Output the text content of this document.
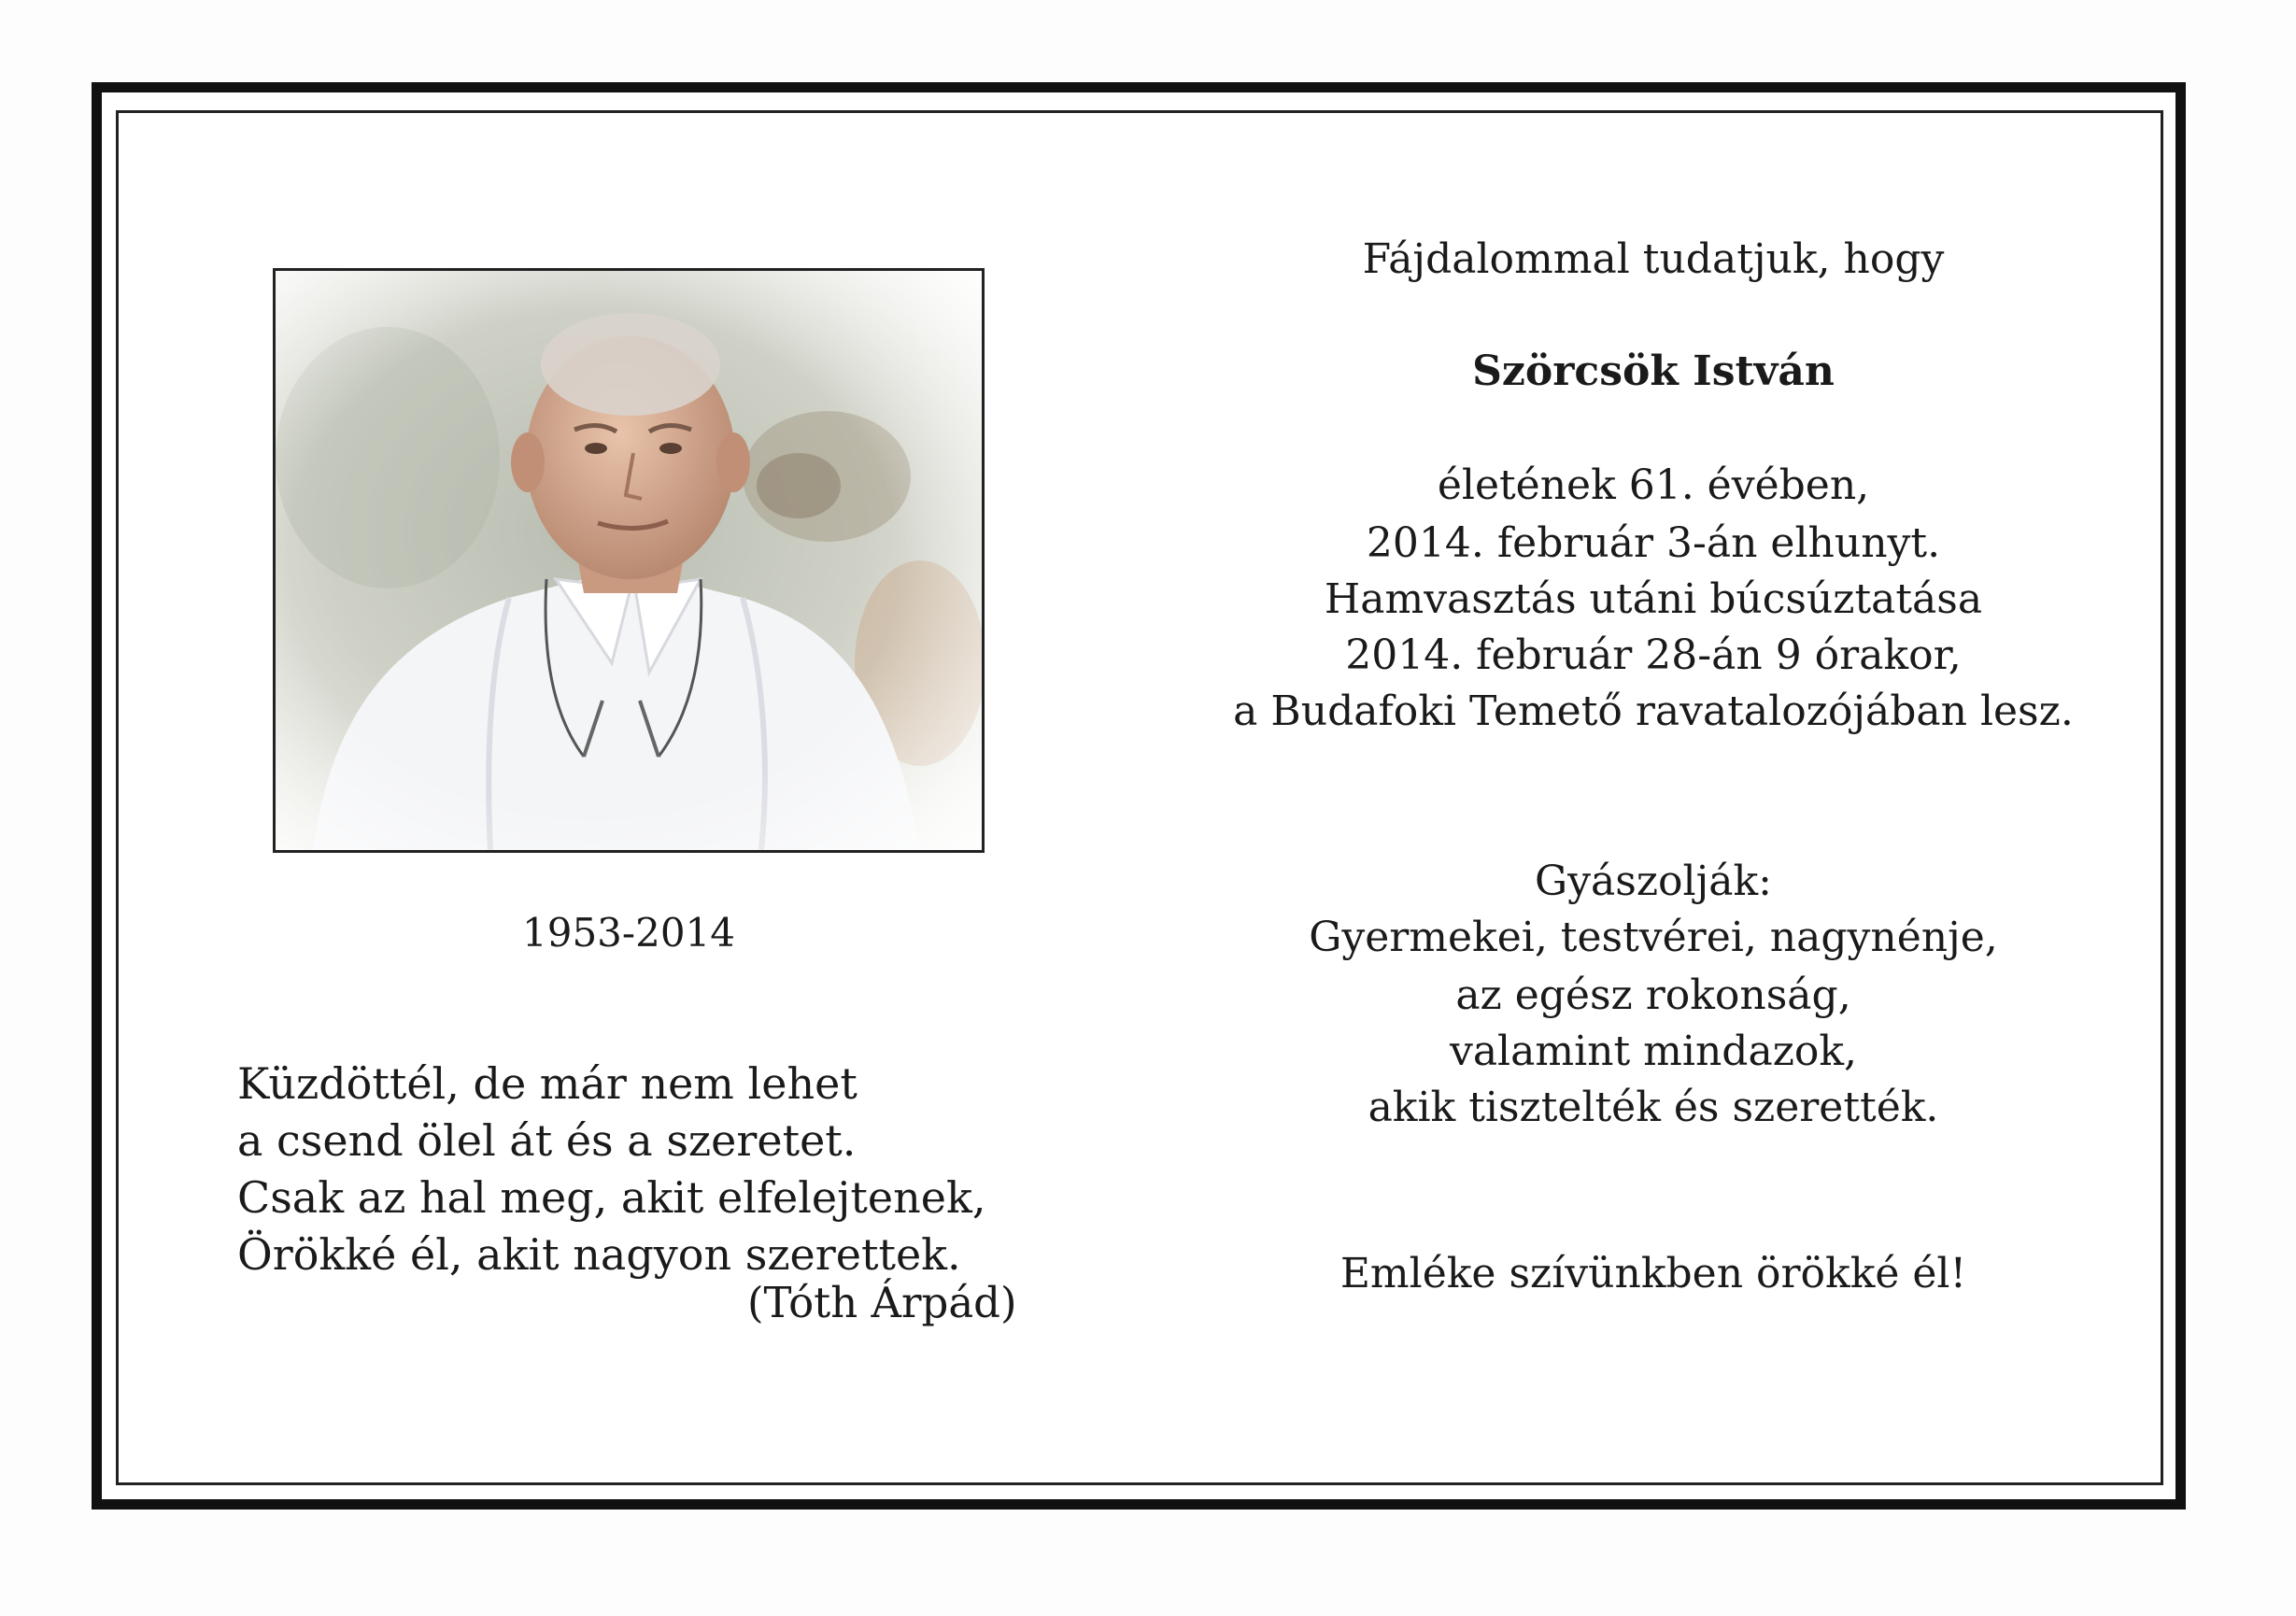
1953-2014
Küzdöttél, de már nem lehet
a csend ölel át és a szeretet.
Csak az hal meg, akit elfelejtenek,
Örökké él, akit nagyon szerettek.
(Tóth Árpád)
Fájdalommal tudatjuk, hogy
Szörcsök István
életének 61. évében,
2014. február 3-án elhunyt.
Hamvasztás utáni búcsúztatása
2014. február 28-án 9 órakor,
a Budafoki Temető ravatalozójában lesz.
Gyászolják:
Gyermekei, testvérei, nagynénje,
az egész rokonság,
valamint mindazok,
akik tisztelték és szerették.
Emléke szívünkben örökké él!
